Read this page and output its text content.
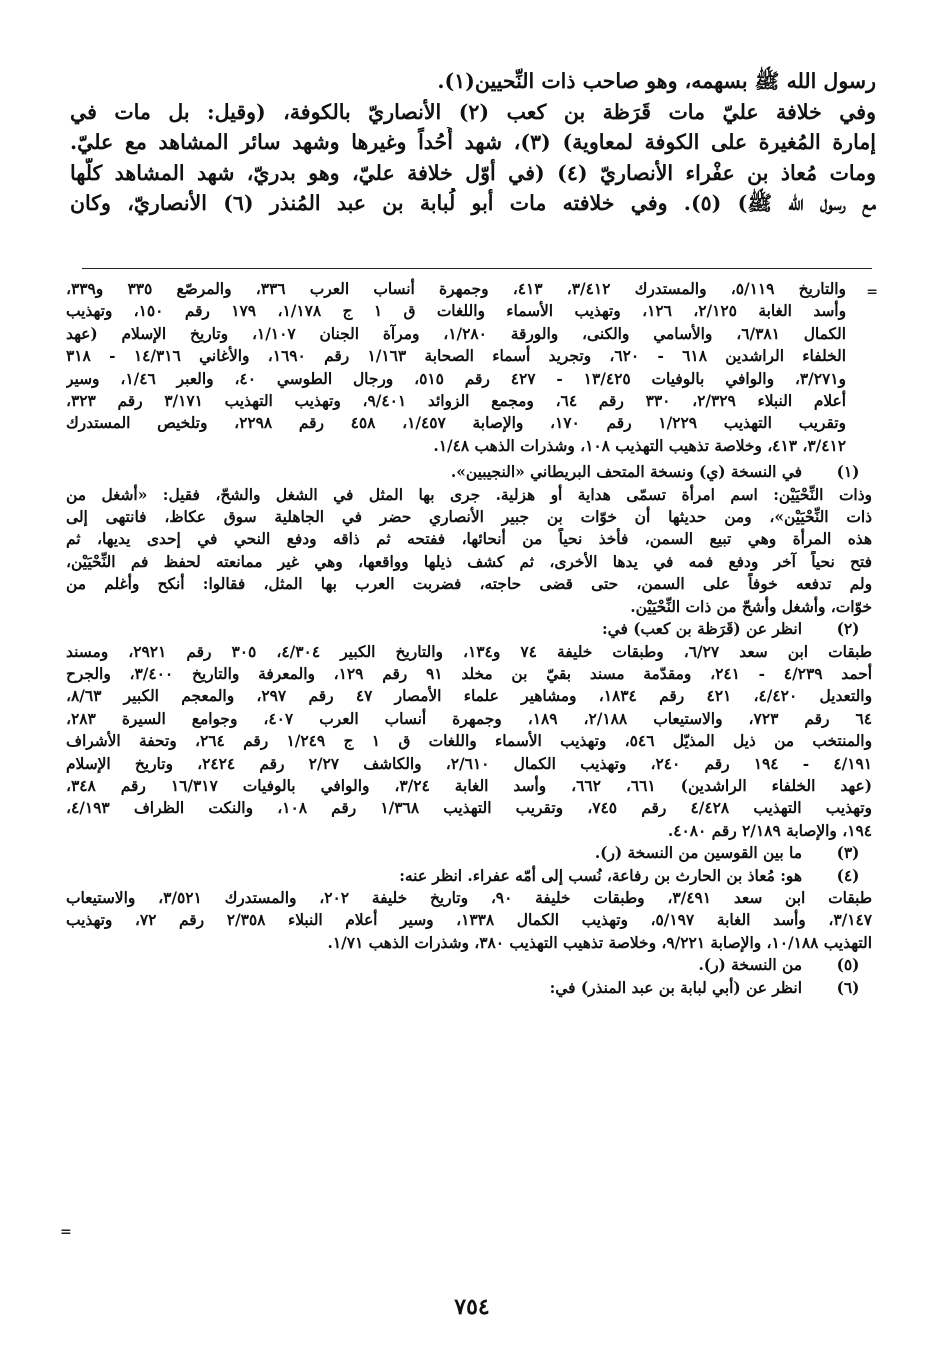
رسول الله ﷺ بسهمه، وهو صاحب ذات النِّحيين(١).
وفي خلافة عليّ مات قَرَظة بن كعب (٢) الأنصاريّ بالكوفة، (وقيل: بل مات في
إمارة المُغيرة على الكوفة لمعاوية) (٣)، شهد أُحُداً وغيرها وشهد سائر المشاهد مع عليّ.
ومات مُعاذ بن عفْراء الأنصاريّ (٤) (في أوّل خلافة عليّ، وهو بدريّ، شهد المشاهد كلّها
مع رسول الله ﷺ) (٥). وفي خلافته مات أبو لُبابة بن عبد المُنذر (٦) الأنصاريّ، وكان
=
والتاريخ ٥/١١٩، والمستدرك ٣/٤١٢، ٤١٣، وجمهرة أنساب العرب ٣٣٦، والمرصّع ٣٣٥ و٣٣٩،
وأسد الغابة ٢/١٢٥، ١٢٦، وتهذيب الأسماء واللغات ق ١ ج ١/١٧٨، ١٧٩ رقم ١٥٠، وتهذيب
الكمال ٦/٣٨١، والأسامي والكنى، والورقة ١/٢٨٠، ومرآة الجنان ١/١٠٧، وتاريخ الإسلام (عهد
الخلفاء الراشدين ٦١٨ - ٦٢٠، وتجريد أسماء الصحابة ١/١٦٣ رقم ١٦٩٠، والأغاني ١٤/٣١٦ - ٣١٨
و٣/٢٧١، والوافي بالوفيات ١٣/٤٢٥ - ٤٢٧ رقم ٥١٥، ورجال الطوسي ٤٠، والعبر ١/٤٦، وسير
أعلام النبلاء ٢/٣٢٩، ٣٣٠ رقم ٦٤، ومجمع الزوائد ٩/٤٠١، وتهذيب التهذيب ٣/١٧١ رقم ٣٢٣،
وتقريب التهذيب ١/٢٢٩ رقم ١٧٠، والإصابة ١/٤٥٧، ٤٥٨ رقم ٢٢٩٨، وتلخيص المستدرك
٣/٤١٢، ٤١٣، وخلاصة تذهيب التهذيب ١٠٨، وشذرات الذهب ١/٤٨.
(١)
في النسخة (ي) ونسخة المتحف البريطاني «النجيبين».
وذات النِّحْيَيْن: اسم امرأة تسمّى هداية أو هزلية. جرى بها المثل في الشغل والشحّ، فقيل: «أشغل من
ذات النِّحْيَيْن»، ومن حديثها أن خوّات بن جبير الأنصاري حضر في الجاهلية سوق عكاظ، فانتهى إلى
هذه المرأة وهي تبيع السمن، فأخذ نحياً من أنحائها، ففتحه ثم ذاقه ودفع النحي في إحدى يديها، ثم
فتح نحياً آخر ودفع فمه في يدها الأخرى، ثم كشف ذيلها وواقعها، وهي غير ممانعته لحفظ فم النِّحْيَيْن،
ولم تدفعه خوفاً على السمن، حتى قضى حاجته، فضربت العرب بها المثل، فقالوا: أنكح وأغلم من
خوّات، وأشغل وأشحّ من ذات النِّحْيَيْن.
(٢)
انظر عن (قَرَظة بن كعب) في:
طبقات ابن سعد ٦/٢٧، وطبقات خليفة ٧٤ و١٣٤، والتاريخ الكبير ٤/٣٠٤، ٣٠٥ رقم ٢٩٢١، ومسند
أحمد ٤/٢٣٩ - ٢٤١، ومقدّمة مسند بقيّ بن مخلد ٩١ رقم ١٢٩، والمعرفة والتاريخ ٣/٤٠٠، والجرح
والتعديل ٤/٤٢٠، ٤٢١ رقم ١٨٣٤، ومشاهير علماء الأمصار ٤٧ رقم ٢٩٧، والمعجم الكبير ٨/٦٣،
٦٤ رقم ٧٢٣، والاستيعاب ٢/١٨٨، ١٨٩، وجمهرة أنساب العرب ٤٠٧، وجوامع السيرة ٢٨٣،
والمنتخب من ذيل المذيّل ٥٤٦، وتهذيب الأسماء واللغات ق ١ ج ١/٢٤٩ رقم ٢٦٤، وتحفة الأشراف
٤/١٩١ - ١٩٤ رقم ٢٤٠، وتهذيب الكمال ٢/٦١٠، والكاشف ٢/٢٧ رقم ٢٤٢٤، وتاريخ الإسلام
(عهد الخلفاء الراشدين) ٦٦١، ٦٦٢، وأسد الغابة ٣/٢٤، والوافي بالوفيات ١٦/٣١٧ رقم ٣٤٨،
وتهذيب التهذيب ٤/٤٢٨ رقم ٧٤٥، وتقريب التهذيب ١/٣٦٨ رقم ١٠٨، والنكت الظراف ٤/١٩٣،
١٩٤، والإصابة ٢/١٨٩ رقم ٤٠٨٠.
(٣)
ما بين القوسين من النسخة (ر).
(٤)
هو: مُعاذ بن الحارث بن رفاعة، نُسب إلى أمّه عفراء. انظر عنه:
طبقات ابن سعد ٣/٤٩١، وطبقات خليفة ٩٠، وتاريخ خليفة ٢٠٢، والمستدرك ٣/٥٢١، والاستيعاب
٣/١٤٧، وأسد الغابة ٥/١٩٧، وتهذيب الكمال ١٣٣٨، وسير أعلام النبلاء ٢/٣٥٨ رقم ٧٢، وتهذيب
التهذيب ١٠/١٨٨، والإصابة ٩/٢٢١، وخلاصة تذهيب التهذيب ٣٨٠، وشذرات الذهب ١/٧١.
(٥)
من النسخة (ر).
(٦)
انظر عن (أبي لبابة بن عبد المنذر) في:
=
٧٥٤
